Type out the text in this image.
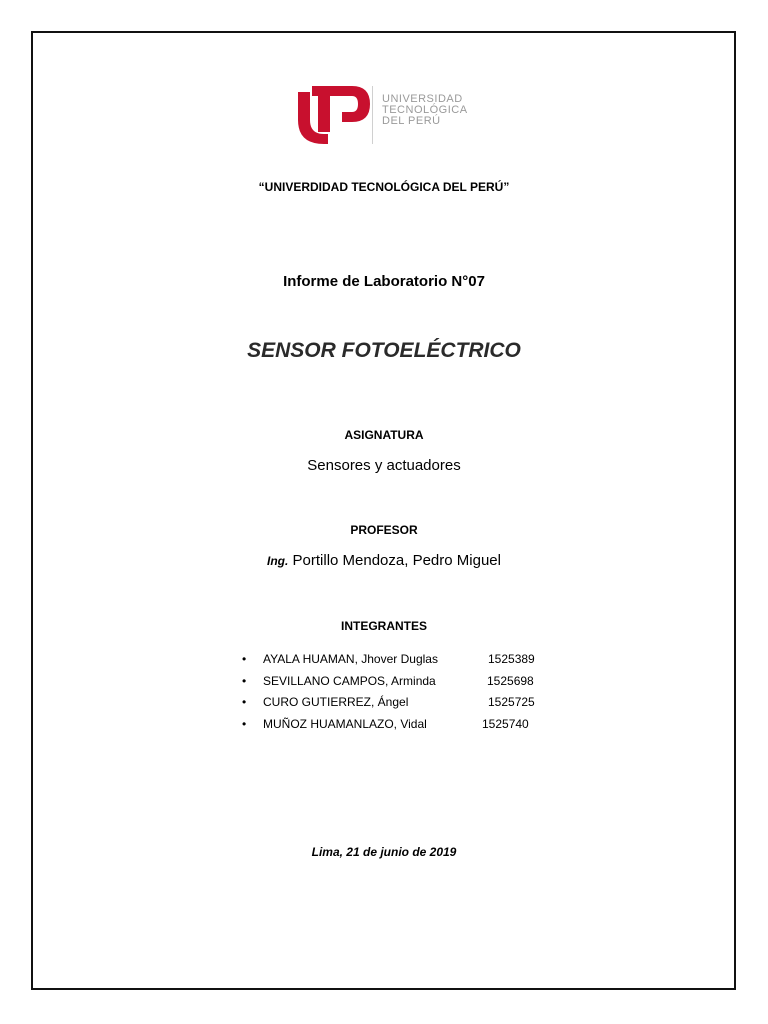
UNIVERSIDAD
TECNOLÓGICA
DEL PERÚ
“UNIVERDIDAD TECNOLÓGICA DEL PERÚ”
Informe de Laboratorio N°07
SENSOR FOTOELÉCTRICO
ASIGNATURA
Sensores y actuadores
PROFESOR
Ing. Portillo Mendoza, Pedro Miguel
INTEGRANTES
• AYALA HUAMAN, Jhover Duglas	1525389
• SEVILLANO CAMPOS, Arminda	1525698
• CURO GUTIERREZ, Ángel	1525725
• MUÑOZ HUAMANLAZO, Vidal	1525740
Lima, 21 de junio de 2019
